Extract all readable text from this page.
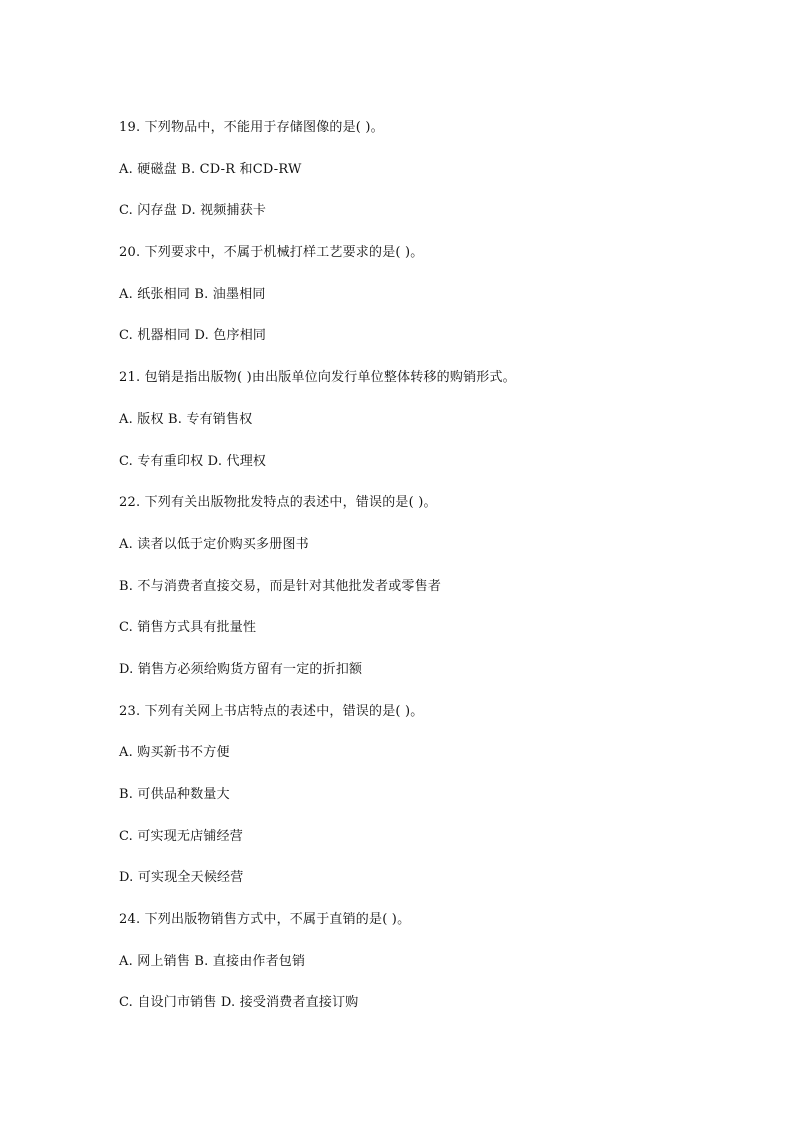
19. 下列物品中，不能用于存储图像的是( )。
A. 硬磁盘 B. CD-R 和CD-RW
C. 闪存盘 D. 视频捕获卡
20. 下列要求中，不属于机械打样工艺要求的是( )。
A. 纸张相同 B. 油墨相同
C. 机器相同 D. 色序相同
21. 包销是指出版物( )由出版单位向发行单位整体转移的购销形式。
A. 版权 B. 专有销售权
C. 专有重印权 D. 代理权
22. 下列有关出版物批发特点的表述中，错误的是( )。
A. 读者以低于定价购买多册图书
B. 不与消费者直接交易，而是针对其他批发者或零售者
C. 销售方式具有批量性
D. 销售方必须给购货方留有一定的折扣额
23. 下列有关网上书店特点的表述中，错误的是( )。
A. 购买新书不方便
B. 可供品种数量大
C. 可实现无店铺经营
D. 可实现全天候经营
24. 下列出版物销售方式中，不属于直销的是( )。
A. 网上销售 B. 直接由作者包销
C. 自设门市销售 D. 接受消费者直接订购
